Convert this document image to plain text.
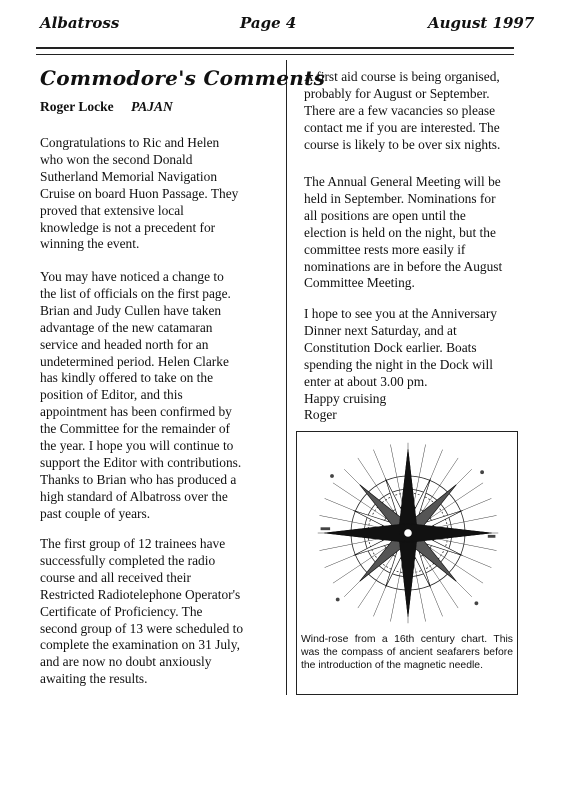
Albatross	Page 4	August 1997
Commodore's Comments
Roger Locke PAJAN
Congratulations to Ric and Helen
who won the second Donald
Sutherland Memorial Navigation
Cruise on board Huon Passage. They
proved that extensive local
knowledge is not a precedent for
winning the event.
You may have noticed a change to
the list of officials on the first page.
Brian and Judy Cullen have taken
advantage of the new catamaran
service and headed north for an
undetermined period. Helen Clarke
has kindly offered to take on the
position of Editor, and this
appointment has been confirmed by
the Committee for the remainder of
the year. I hope you will continue to
support the Editor with contributions.
Thanks to Brian who has produced a
high standard of Albatross over the
past couple of years.
The first group of 12 trainees have
successfully completed the radio
course and all received their
Restricted Radiotelephone Operator's
Certificate of Proficiency. The
second group of 13 were scheduled to
complete the examination on 31 July,
and are now no doubt anxiously
awaiting the results.
A first aid course is being organised,
probably for August or September.
There are a few vacancies so please
contact me if you are interested. The
course is likely to be over six nights.
The Annual General Meeting will be
held in September. Nominations for
all positions are open until the
election is held on the night, but the
committee rests more easily if
nominations are in before the August
Committee Meeting.
I hope to see you at the Anniversary
Dinner next Saturday, and at
Constitution Dock earlier. Boats
spending the night in the Dock will
enter at about 3.00 pm.
Happy cruising
Roger
Wind-rose from a 16th century chart. This was the compass of ancient seafarers before the introduction of the magnetic needle.
